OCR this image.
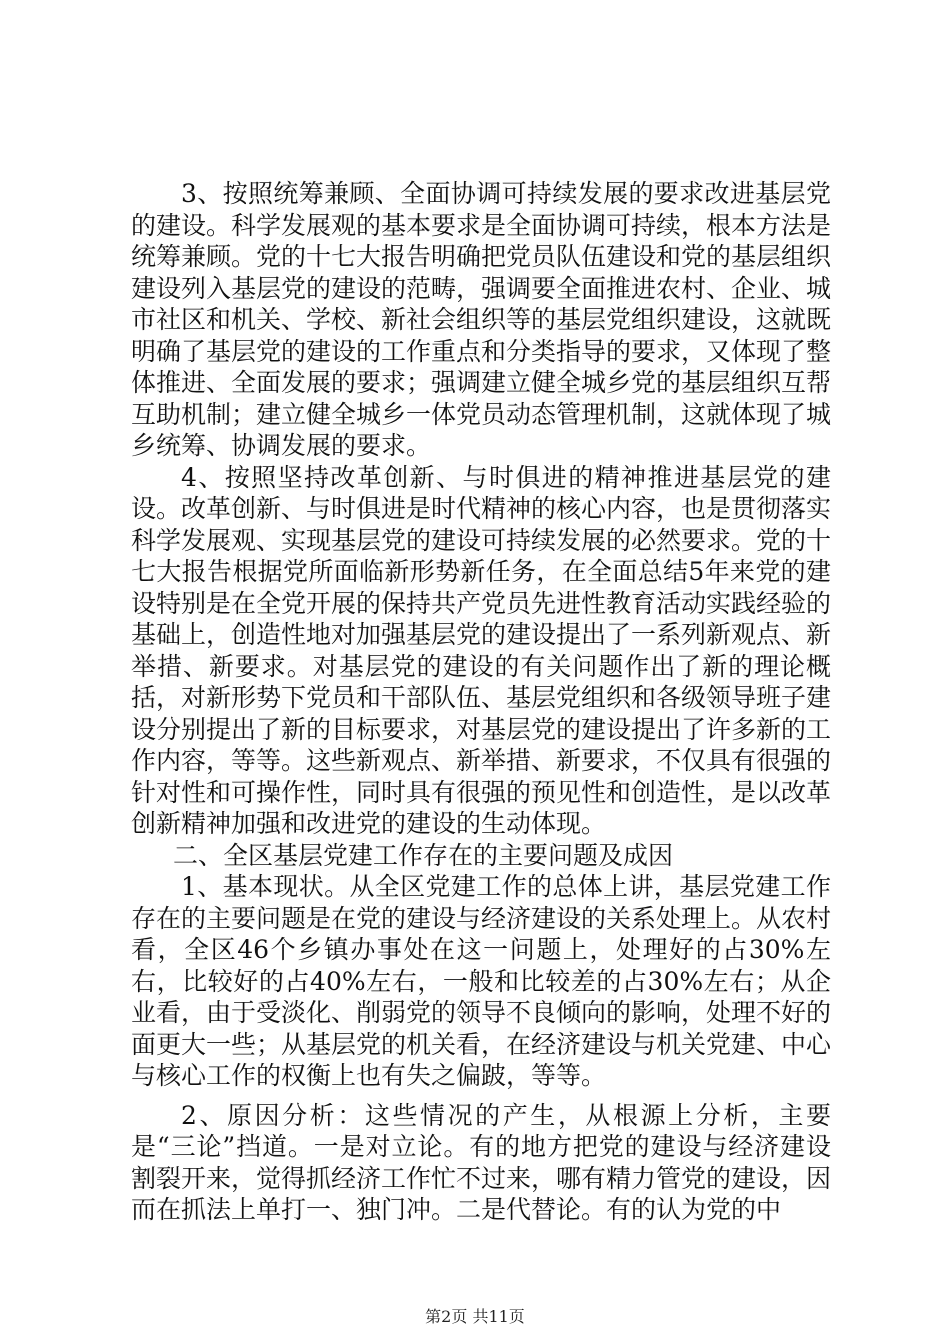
3、按照统筹兼顾、全面协调可持续发展的要求改进基层党的建设。科学发展观的基本要求是全面协调可持续，根本方法是统筹兼顾。党的十七大报告明确把党员队伍建设和党的基层组织建设列入基层党的建设的范畴，强调要全面推进农村、企业、城市社区和机关、学校、新社会组织等的基层党组织建设，这就既明确了基层党的建设的工作重点和分类指导的要求，又体现了整体推进、全面发展的要求；强调建立健全城乡党的基层组织互帮互助机制；建立健全城乡一体党员动态管理机制，这就体现了城乡统筹、协调发展的要求。

4、按照坚持改革创新、与时俱进的精神推进基层党的建设。改革创新、与时俱进是时代精神的核心内容，也是贯彻落实科学发展观、实现基层党的建设可持续发展的必然要求。党的十七大报告根据党所面临新形势新任务，在全面总结5年来党的建设特别是在全党开展的保持共产党员先进性教育活动实践经验的基础上，创造性地对加强基层党的建设提出了一系列新观点、新举措、新要求。对基层党的建设的有关问题作出了新的理论概括，对新形势下党员和干部队伍、基层党组织和各级领导班子建设分别提出了新的目标要求，对基层党的建设提出了许多新的工作内容，等等。这些新观点、新举措、新要求，不仅具有很强的针对性和可操作性，同时具有很强的预见性和创造性，是以改革创新精神加强和改进党的建设的生动体现。

二、全区基层党建工作存在的主要问题及成因

1、基本现状。从全区党建工作的总体上讲，基层党建工作存在的主要问题是在党的建设与经济建设的关系处理上。从农村看，全区46个乡镇办事处在这一问题上，处理好的占30%左右，比较好的占40%左右，一般和比较差的占30%左右；从企业看，由于受淡化、削弱党的领导不良倾向的影响，处理不好的面更大一些；从基层党的机关看，在经济建设与机关党建、中心与核心工作的权衡上也有失之偏跛，等等。

2、原因分析：这些情况的产生，从根源上分析，主要是“三论”挡道。一是对立论。有的地方把党的建设与经济建设割裂开来，觉得抓经济工作忙不过来，哪有精力管党的建设，因而在抓法上单打一、独门冲。二是代替论。有的认为党的中

第2页 共11页
